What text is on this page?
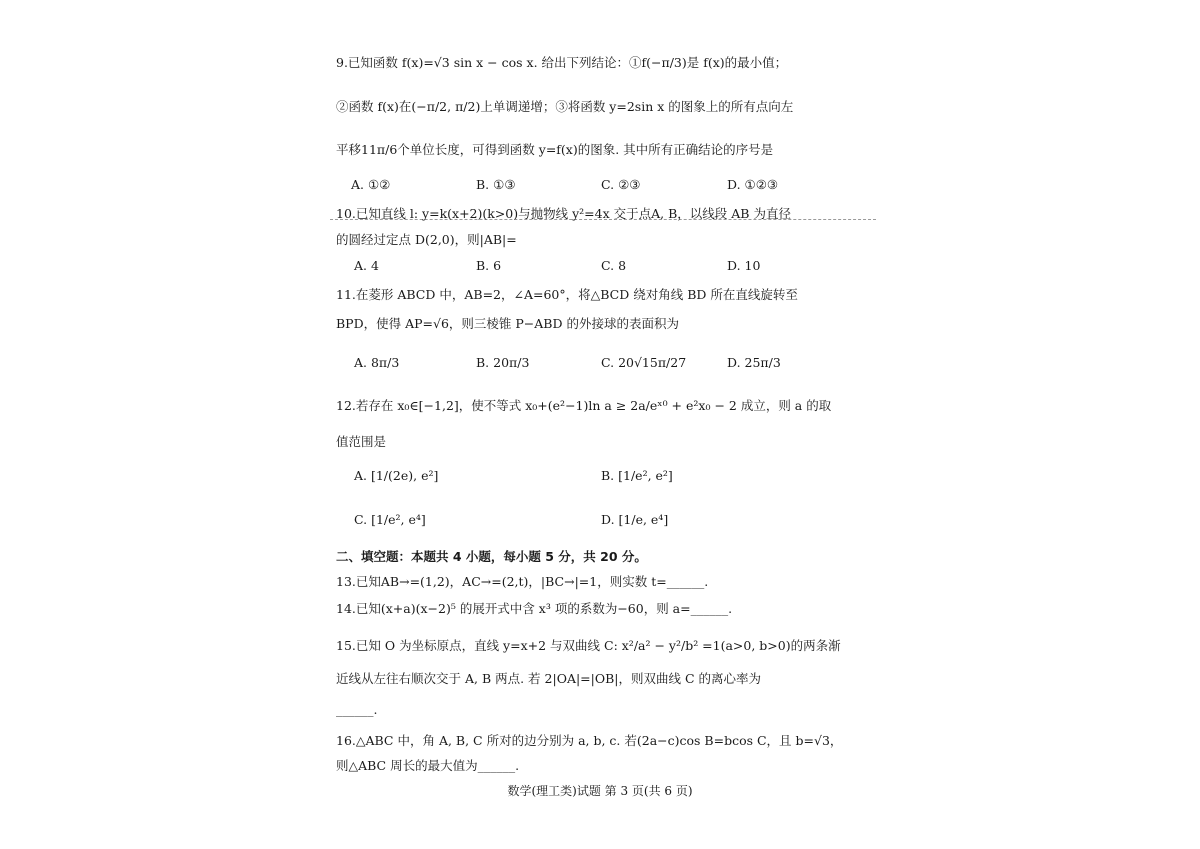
9.已知函数 f(x)=√3 sin x − cos x. 给出下列结论：①f(−π/3)是 f(x)的最小值；
②函数 f(x)在(−π/2, π/2)上单调递增；③将函数 y=2sin x 的图象上的所有点向左
平移11π/6个单位长度，可得到函数 y=f(x)的图象. 其中所有正确结论的序号是
A. ①②	B. ①③	C. ②③	D. ①②③
10.已知直线 l: y=k(x+2)(k>0)与抛物线 y²=4x 交于点A, B，以线段 AB 为直径
的圆经过定点 D(2,0)，则|AB|=
A. 4	B. 6	C. 8	D. 10
11.在菱形 ABCD 中，AB=2，∠A=60°，将△BCD 绕对角线 BD 所在直线旋转至
BPD，使得 AP=√6，则三棱锥 P−ABD 的外接球的表面积为
A. 8π/3	B. 20π/3	C. 20√15π/27	D. 25π/3
12.若存在 x₀∈[−1,2]，使不等式 x₀+(e²−1)ln a ≥ 2a/eˣ⁰ + e²x₀ − 2 成立，则 a 的取
值范围是
A. [1/(2e), e²]	B. [1/e², e²]
C. [1/e², e⁴]	D. [1/e, e⁴]
二、填空题：本题共 4 小题，每小题 5 分，共 20 分。
13.已知AB→=(1,2)，AC→=(2,t)，|BC→|=1，则实数 t=______.
14.已知(x+a)(x−2)⁵ 的展开式中含 x³ 项的系数为−60，则 a=______.
15.已知 O 为坐标原点，直线 y=x+2 与双曲线 C: x²/a² − y²/b² =1(a>0, b>0)的两条渐
近线从左往右顺次交于 A, B 两点. 若 2|OA|=|OB|，则双曲线 C 的离心率为
______.
16.△ABC 中，角 A, B, C 所对的边分别为 a, b, c. 若(2a−c)cos B=bcos C，且 b=√3，
则△ABC 周长的最大值为______.
数学(理工类)试题 第 3 页(共 6 页)
